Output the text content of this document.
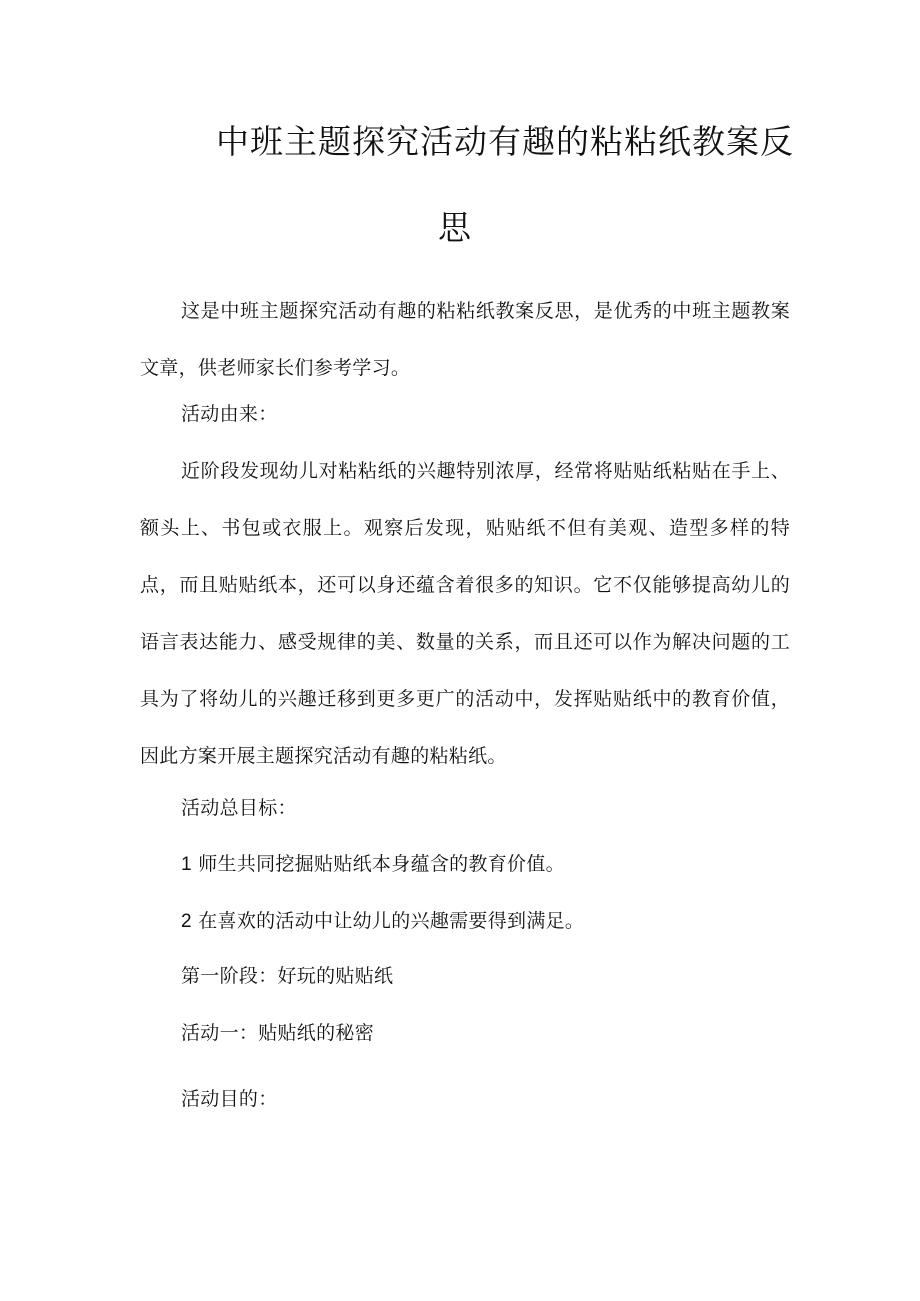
中班主题探究活动有趣的粘粘纸教案反
思

这是中班主题探究活动有趣的粘粘纸教案反思，是优秀的中班主题教案文章，供老师家长们参考学习。

活动由来：

近阶段发现幼儿对粘粘纸的兴趣特别浓厚，经常将贴贴纸粘贴在手上、额头上、书包或衣服上。观察后发现，贴贴纸不但有美观、造型多样的特点，而且贴贴纸本，还可以身还蕴含着很多的知识。它不仅能够提高幼儿的语言表达能力、感受规律的美、数量的关系，而且还可以作为解决问题的工具为了将幼儿的兴趣迁移到更多更广的活动中，发挥贴贴纸中的教育价值，因此方案开展主题探究活动有趣的粘粘纸。

活动总目标：

1 师生共同挖掘贴贴纸本身蕴含的教育价值。

2 在喜欢的活动中让幼儿的兴趣需要得到满足。

第一阶段：好玩的贴贴纸

活动一：贴贴纸的秘密

活动目的：
